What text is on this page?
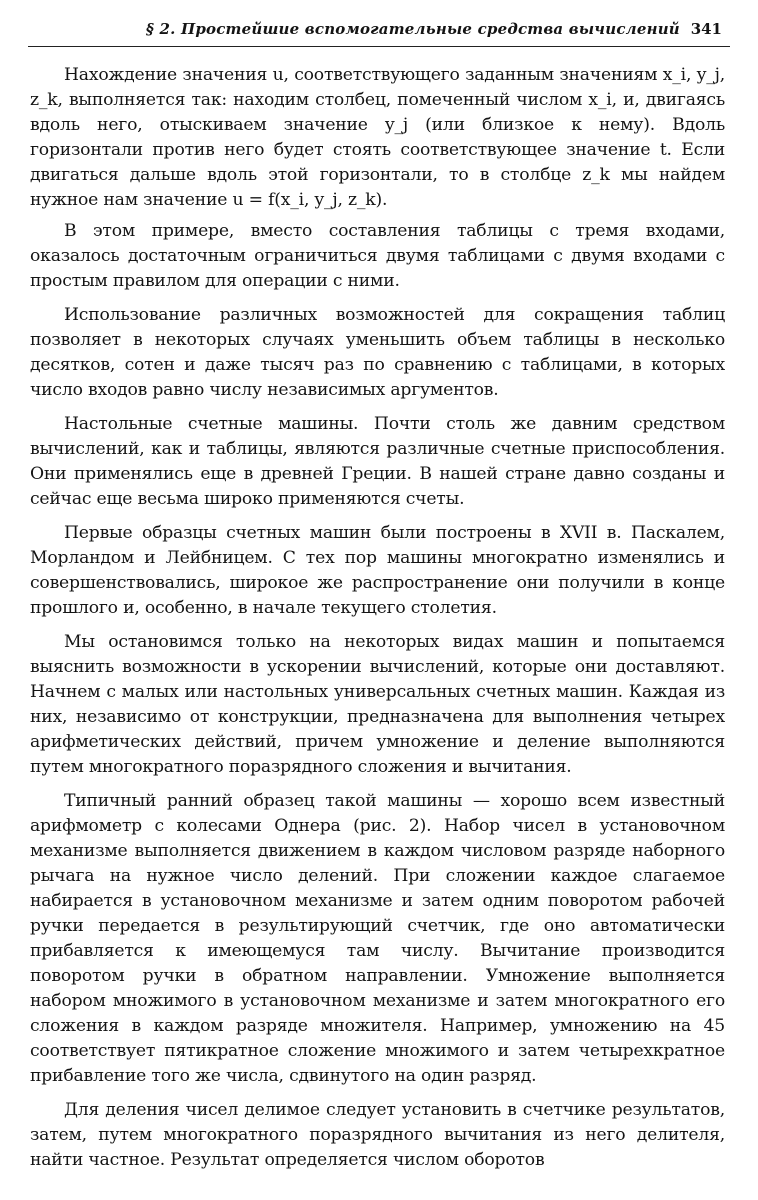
§ 2. Простейшие вспомогательные средства вычислений 341

Нахождение значения u, соответствующего заданным значениям x_i, y_j, z_k, выполняется так: находим столбец, помеченный числом x_i, и, двигаясь вдоль него, отыскиваем значение y_j (или близкое к нему). Вдоль горизонтали против него будет стоять соответствующее значение t. Если двигаться дальше вдоль этой горизонтали, то в столбце z_k мы найдем нужное нам значение u = f(x_i, y_j, z_k).

В этом примере, вместо составления таблицы с тремя входами, оказалось достаточным ограничиться двумя таблицами с двумя входами с простым правилом для операции с ними.

Использование различных возможностей для сокращения таблиц позволяет в некоторых случаях уменьшить объем таблицы в несколько десятков, сотен и даже тысяч раз по сравнению с таблицами, в которых число входов равно числу независимых аргументов.

Настольные счетные машины. Почти столь же давним средством вычислений, как и таблицы, являются различные счетные приспособления. Они применялись еще в древней Греции. В нашей стране давно созданы и сейчас еще весьма широко применяются счеты.

Первые образцы счетных машин были построены в XVII в. Паскалем, Морландом и Лейбницем. С тех пор машины многократно изменялись и совершенствовались, широкое же распространение они получили в конце прошлого и, особенно, в начале текущего столетия.

Мы остановимся только на некоторых видах машин и попытаемся выяснить возможности в ускорении вычислений, которые они доставляют. Начнем с малых или настольных универсальных счетных машин. Каждая из них, независимо от конструкции, предназначена для выполнения четырех арифметических действий, причем умножение и деление выполняются путем многократного поразрядного сложения и вычитания.

Типичный ранний образец такой машины — хорошо всем известный арифмометр с колесами Однера (рис. 2). Набор чисел в установочном механизме выполняется движением в каждом числовом разряде наборного рычага на нужное число делений. При сложении каждое слагаемое набирается в установочном механизме и затем одним поворотом рабочей ручки передается в результирующий счетчик, где оно автоматически прибавляется к имеющемуся там числу. Вычитание производится поворотом ручки в обратном направлении. Умножение выполняется набором множимого в установочном механизме и затем многократного его сложения в каждом разряде множителя. Например, умножению на 45 соответствует пятикратное сложение множимого и затем четырехкратное прибавление того же числа, сдвинутого на один разряд.

Для деления чисел делимое следует установить в счетчике результатов, затем, путем многократного поразрядного вычитания из него делителя, найти частное. Результат определяется числом оборотов
